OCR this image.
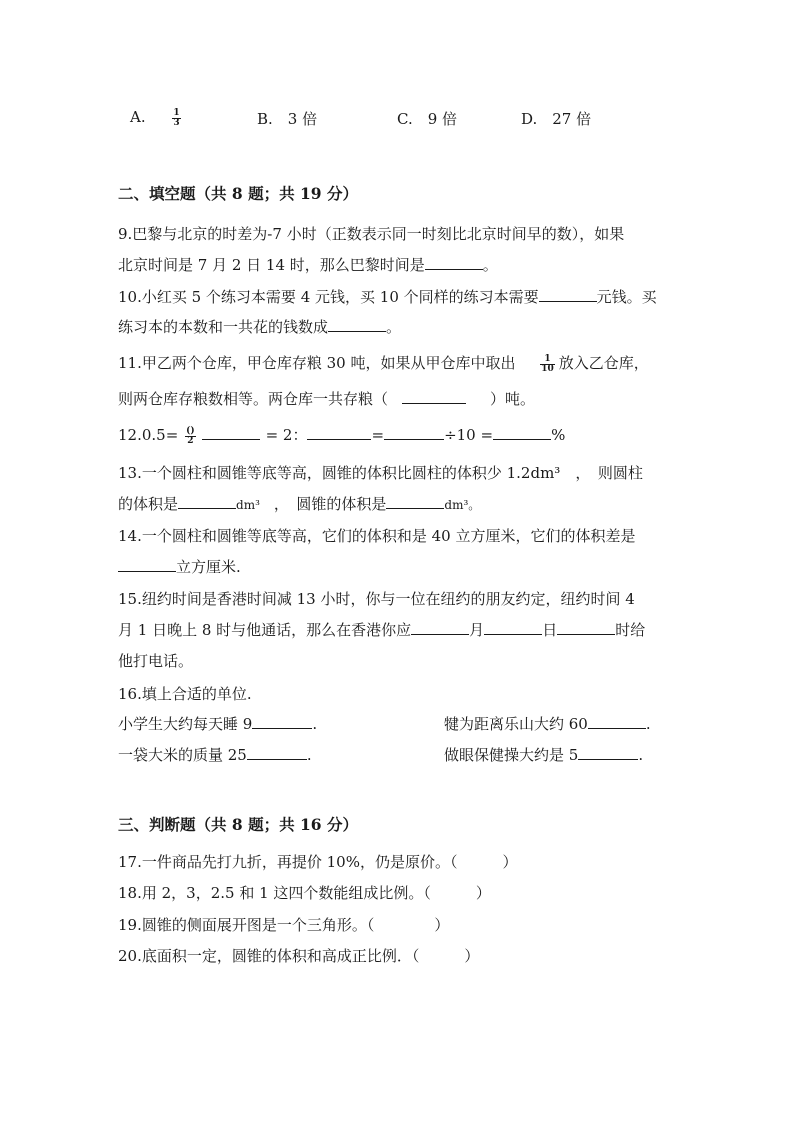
A.	$\frac{1}{3}$	B.　3 倍	C.　9 倍	D.　27 倍
二、填空题（共 8 题；共 19 分）
9.巴黎与北京的时差为-7 小时（正数表示同一时刻比北京时间早的数），如果
北京时间是 7 月 2 日 14 时，那么巴黎时间是	。
10.小红买 5 个练习本需要 4 元钱，买 10 个同样的练习本需要	元钱。买
练习本的本数和一共花的钱数成	。
11.甲乙两个仓库，甲仓库存粮 30 吨，如果从甲仓库中取出	$\frac{1}{10}$ 放入乙仓库，
则两仓库存粮数相等。两仓库一共存粮（	）吨。
$12.0.5= \frac{()}{2}$	= 2：	=	÷10 =	%
13.一个圆柱和圆锥等底等高，圆锥的体积比圆柱的体积少 1.2dm³　，　则圆柱
的体积是	dm³ ，　圆锥的体积是	dm³。
14.一个圆柱和圆锥等底等高，它们的体积和是 40 立方厘米，它们的体积差是
立方厘米.
15.纽约时间是香港时间减 13 小时，你与一位在纽约的朋友约定，纽约时间 4
月 1 日晚上 8 时与他通话，那么在香港你应	月	日	时给
他打电话。
16.填上合适的单位.
小学生大约每天睡 9	.	犍为距离乐山大约 60	.
一袋大米的质量 25	.	做眼保健操大约是 5	.
三、判断题（共 8 题；共 16 分）
17.一件商品先打九折，再提价 10%，仍是原价。（　　　）
18.用 2，3，2.5 和 1 这四个数能组成比例。（　　　）
19.圆锥的侧面展开图是一个三角形。（　　　　）
20.底面积一定，圆锥的体积和高成正比例．（　　　）
